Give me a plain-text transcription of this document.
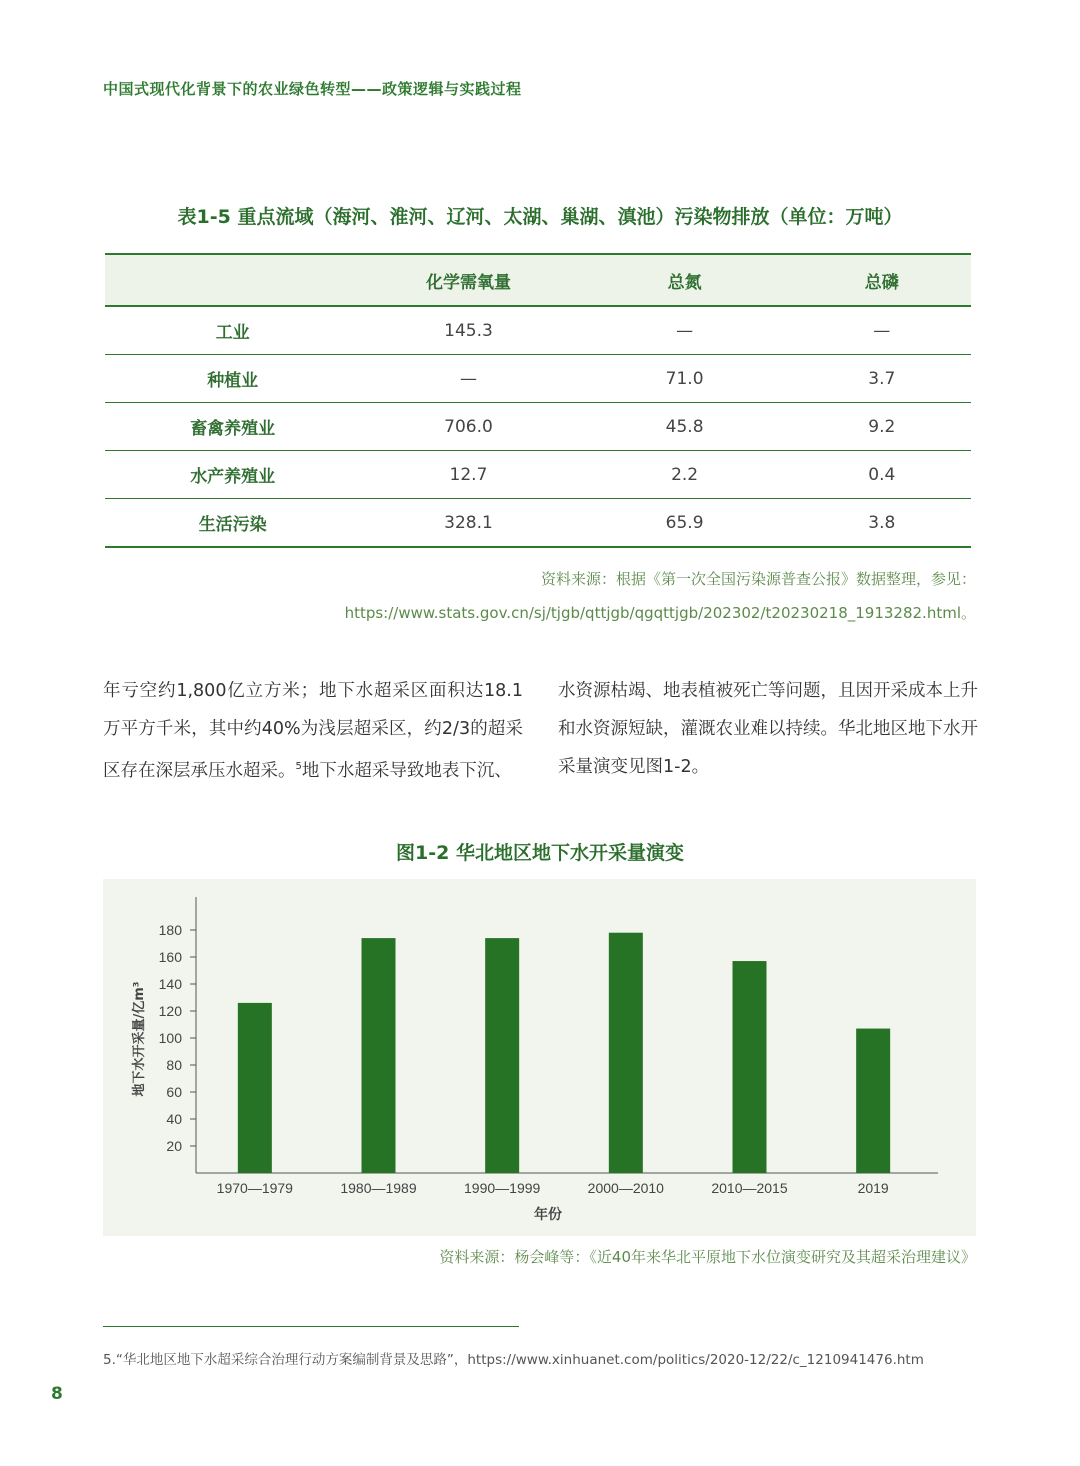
中国式现代化背景下的农业绿色转型——政策逻辑与实践过程
表1-5 重点流域（海河、淮河、辽河、太湖、巢湖、滇池）污染物排放（单位：万吨）
	化学需氧量	总氮	总磷
工业	145.3	—	—
种植业	—	71.0	3.7
畜禽养殖业	706.0	45.8	9.2
水产养殖业	12.7	2.2	0.4
生活污染	328.1	65.9	3.8
资料来源：根据《第一次全国污染源普查公报》数据整理，参见：
https://www.stats.gov.cn/sj/tjgb/qttjgb/qgqttjgb/202302/t20230218_1913282.html。
年亏空约1,800亿立方米；地下水超采区面积达18.1万平方千米，其中约40%为浅层超采区，约2/3的超采区存在深层承压水超采。$^5$地下水超采导致地表下沉、
水资源枯竭、地表植被死亡等问题，且因开采成本上升和水资源短缺，灌溉农业难以持续。华北地区地下水开采量演变见图1-2。
图1-2 华北地区地下水开采量演变
20
40
60
80
100
120
140
160
180
1970—1979	1980—1989	1990—1999	2000—2010	2010—2015	2019
年份
地下水开采量/亿m³
资料来源：杨会峰等：《近40年来华北平原地下水位演变研究及其超采治理建议》
5.“华北地区地下水超采综合治理行动方案编制背景及思路”，https://www.xinhuanet.com/politics/2020-12/22/c_1210941476.htm
8
